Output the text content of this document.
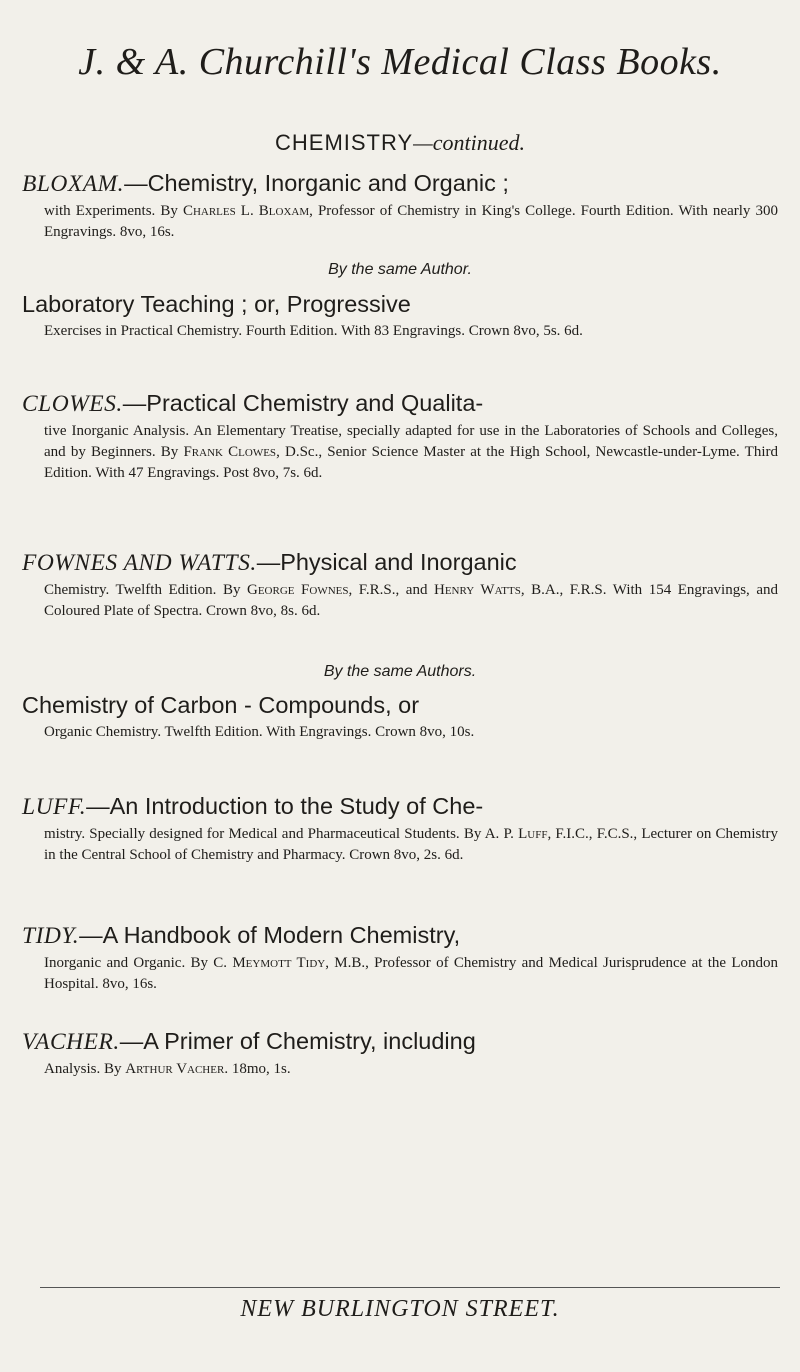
J. & A. Churchill's Medical Class Books.
CHEMISTRY—continued.
BLOXAM.—Chemistry, Inorganic and Organic ;
with Experiments. By Charles L. Bloxam, Professor of Chemistry in King's College. Fourth Edition. With nearly 300 Engravings. 8vo, 16s.
By the same Author.
Laboratory Teaching ; or, Progressive
Exercises in Practical Chemistry. Fourth Edition. With 83 Engravings. Crown 8vo, 5s. 6d.
CLOWES.—Practical Chemistry and Qualita-
tive Inorganic Analysis. An Elementary Treatise, specially adapted for use in the Laboratories of Schools and Colleges, and by Beginners. By Frank Clowes, D.Sc., Senior Science Master at the High School, Newcastle-under-Lyme. Third Edition. With 47 Engravings. Post 8vo, 7s. 6d.
FOWNES AND WATTS.—Physical and Inorganic
Chemistry. Twelfth Edition. By George Fownes, F.R.S., and Henry Watts, B.A., F.R.S. With 154 Engravings, and Coloured Plate of Spectra. Crown 8vo, 8s. 6d.
By the same Authors.
Chemistry of Carbon - Compounds, or
Organic Chemistry. Twelfth Edition. With Engravings. Crown 8vo, 10s.
LUFF.—An Introduction to the Study of Che-
mistry. Specially designed for Medical and Pharmaceutical Students. By A. P. Luff, F.I.C., F.C.S., Lecturer on Chemistry in the Central School of Chemistry and Pharmacy. Crown 8vo, 2s. 6d.
TIDY.—A Handbook of Modern Chemistry,
Inorganic and Organic. By C. Meymott Tidy, M.B., Professor of Chemistry and Medical Jurisprudence at the London Hospital. 8vo, 16s.
VACHER.—A Primer of Chemistry, including
Analysis. By Arthur Vacher. 18mo, 1s.
NEW BURLINGTON STREET.
